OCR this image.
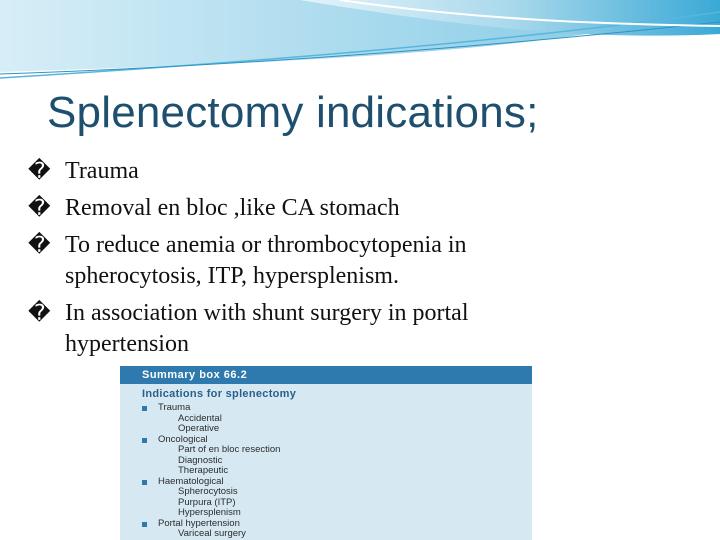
Splenectomy indications;
� Trauma
� Removal en bloc ,like CA stomach
� To reduce anemia or thrombocytopenia in spherocytosis, ITP, hypersplenism.
� In association with shunt surgery in portal hypertension
Summary box 66.2
Indications for splenectomy
Trauma
Accidental
Operative
Oncological
Part of en bloc resection
Diagnostic
Therapeutic
Haematological
Spherocytosis
Purpura (ITP)
Hypersplenism
Portal hypertension
Variceal surgery
